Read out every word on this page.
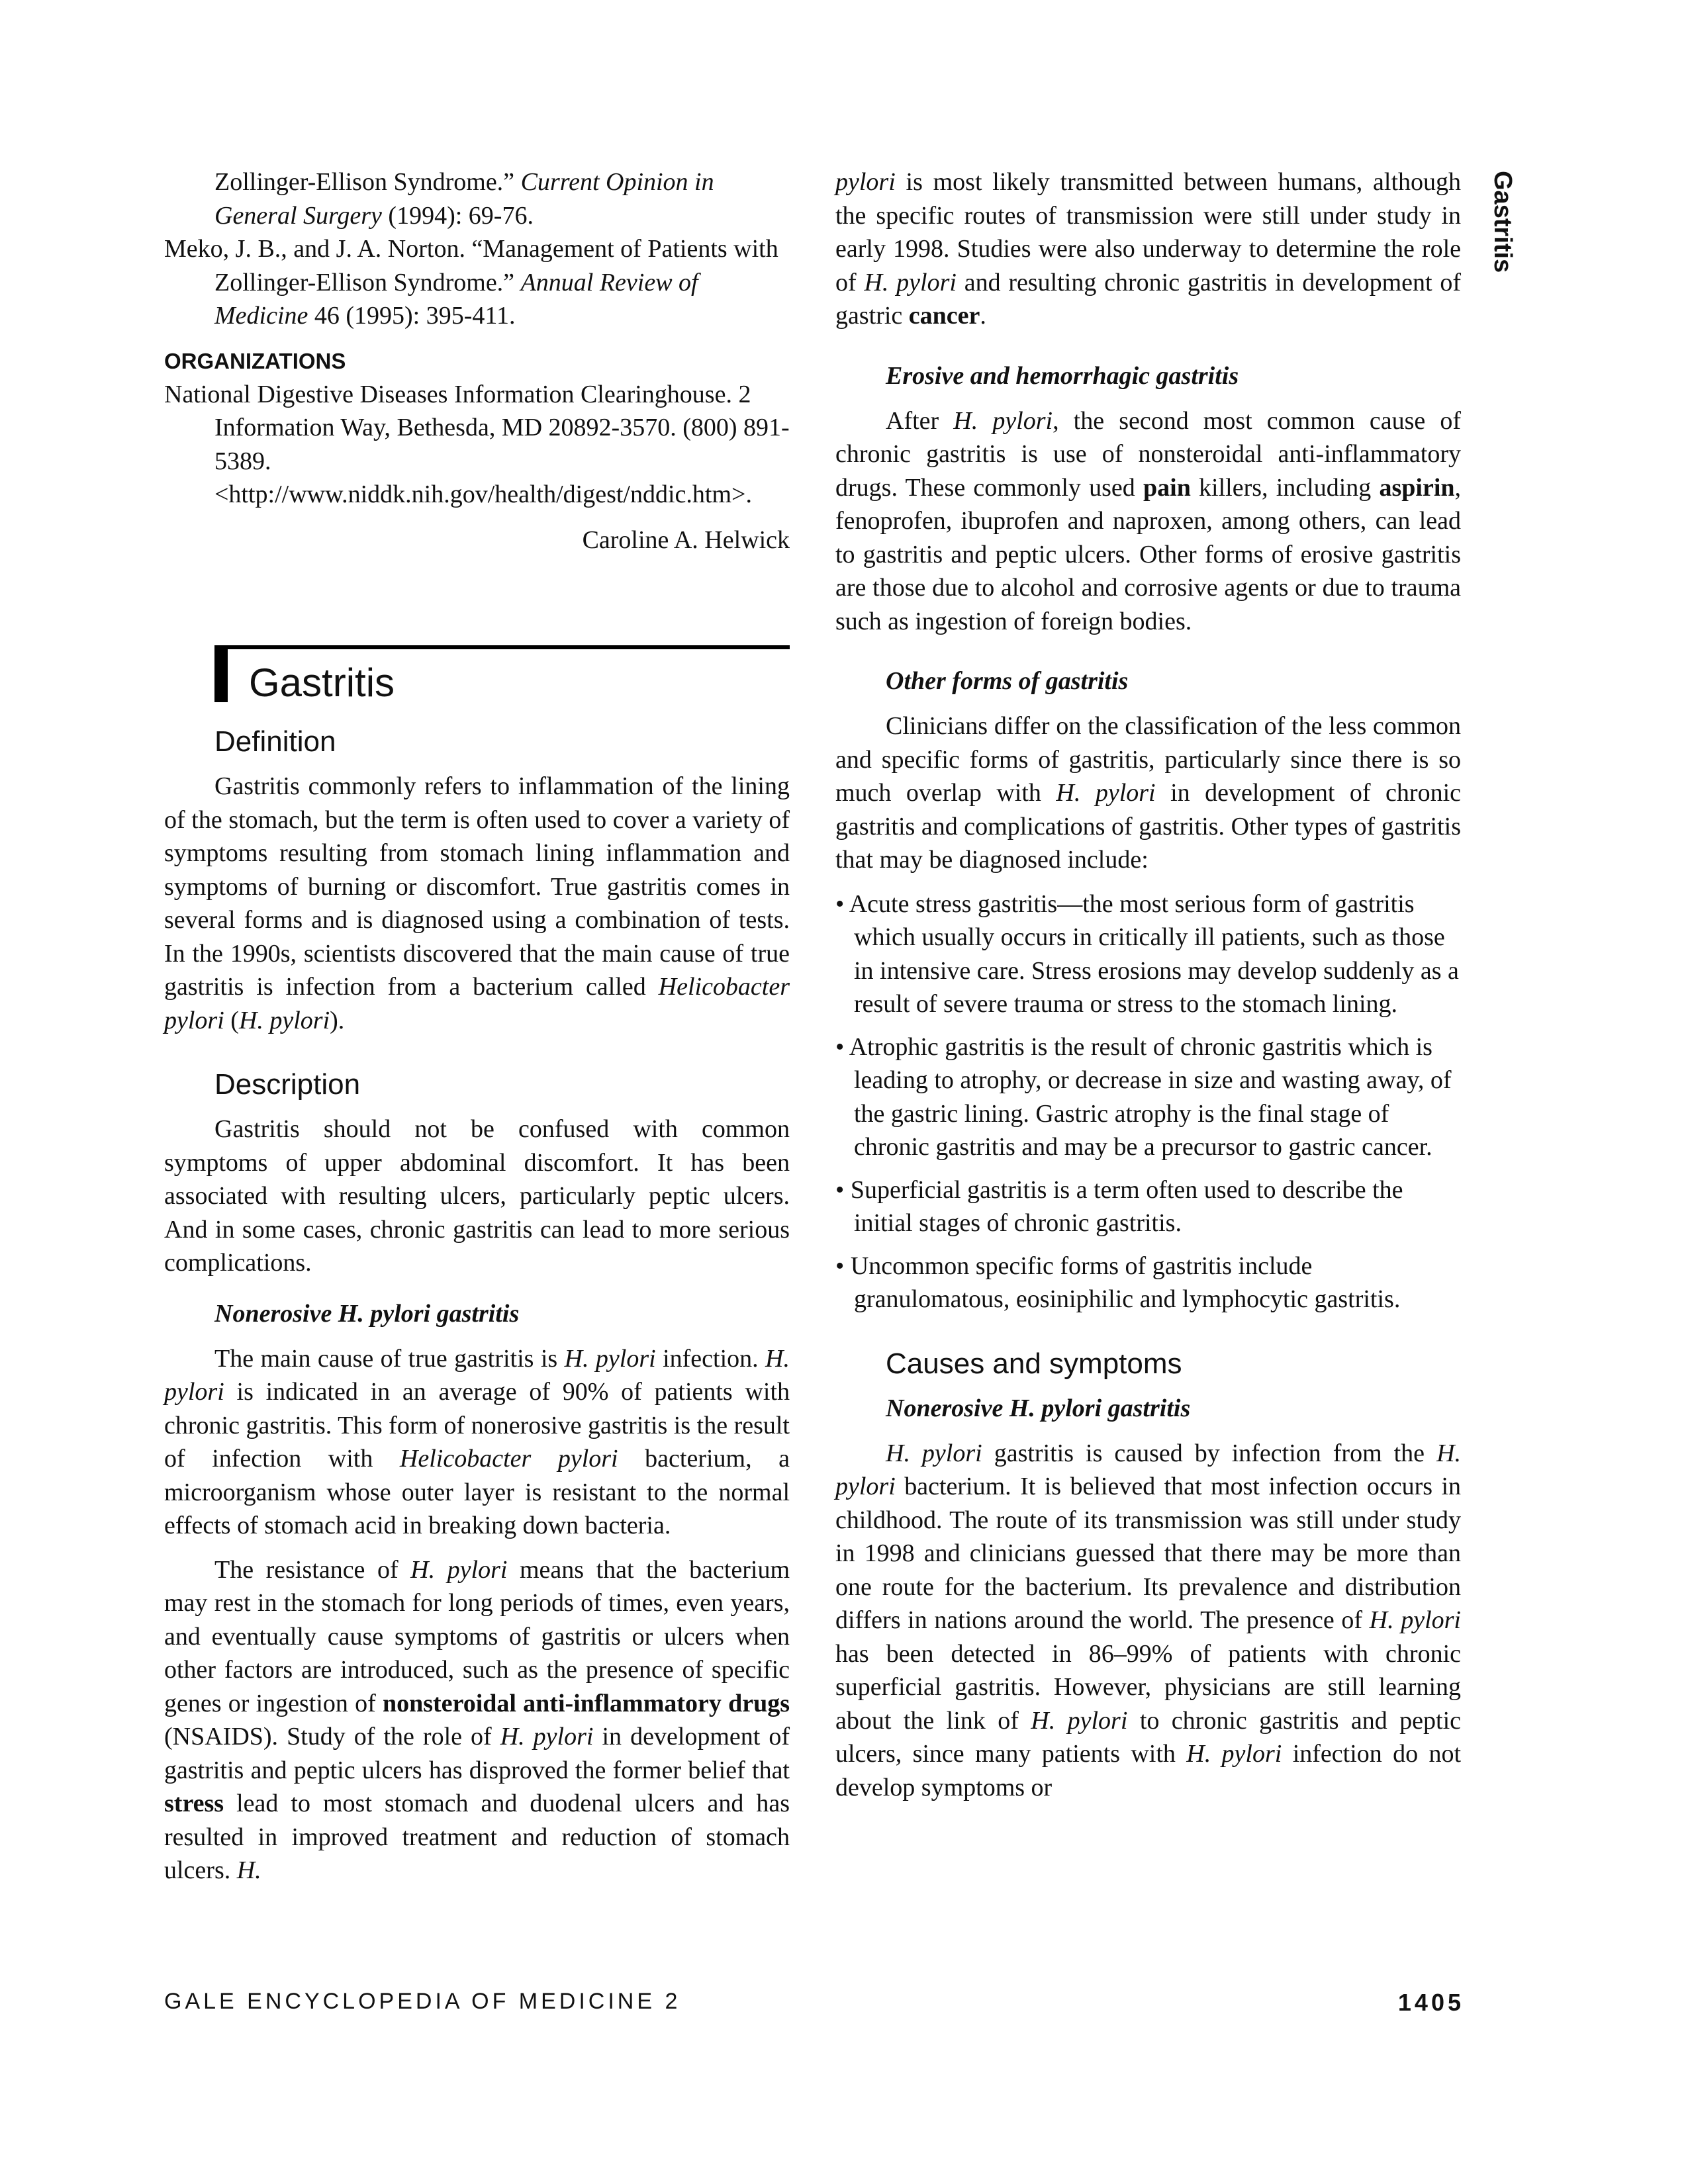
Gastritis

Zollinger-Ellison Syndrome.” Current Opinion in General Surgery (1994): 69-76.

Meko, J. B., and J. A. Norton. “Management of Patients with Zollinger-Ellison Syndrome.” Annual Review of Medicine 46 (1995): 395-411.

ORGANIZATIONS

National Digestive Diseases Information Clearinghouse. 2 Information Way, Bethesda, MD 20892-3570. (800) 891-5389. <http://www.niddk.nih.gov/health/digest/nddic.htm>.

Caroline A. Helwick

Gastritis
Definition

Gastritis commonly refers to inflammation of the lining of the stomach, but the term is often used to cover a variety of symptoms resulting from stomach lining inflammation and symptoms of burning or discomfort. True gastritis comes in several forms and is diagnosed using a combination of tests. In the 1990s, scientists discovered that the main cause of true gastritis is infection from a bacterium called Helicobacter pylori (H. pylori).

Description

Gastritis should not be confused with common symptoms of upper abdominal discomfort. It has been associated with resulting ulcers, particularly peptic ulcers. And in some cases, chronic gastritis can lead to more serious complications.

Nonerosive H. pylori gastritis

The main cause of true gastritis is H. pylori infection. H. pylori is indicated in an average of 90% of patients with chronic gastritis. This form of nonerosive gastritis is the result of infection with Helicobacter pylori bacterium, a microorganism whose outer layer is resistant to the normal effects of stomach acid in breaking down bacteria.

The resistance of H. pylori means that the bacterium may rest in the stomach for long periods of times, even years, and eventually cause symptoms of gastritis or ulcers when other factors are introduced, such as the presence of specific genes or ingestion of nonsteroidal anti-inflammatory drugs (NSAIDS). Study of the role of H. pylori in development of gastritis and peptic ulcers has disproved the former belief that stress lead to most stomach and duodenal ulcers and has resulted in improved treatment and reduction of stomach ulcers. H.

pylori is most likely transmitted between humans, although the specific routes of transmission were still under study in early 1998. Studies were also underway to determine the role of H. pylori and resulting chronic gastritis in development of gastric cancer.

Erosive and hemorrhagic gastritis

After H. pylori, the second most common cause of chronic gastritis is use of nonsteroidal anti-inflammatory drugs. These commonly used pain killers, including aspirin, fenoprofen, ibuprofen and naproxen, among others, can lead to gastritis and peptic ulcers. Other forms of erosive gastritis are those due to alcohol and corrosive agents or due to trauma such as ingestion of foreign bodies.

Other forms of gastritis

Clinicians differ on the classification of the less common and specific forms of gastritis, particularly since there is so much overlap with H. pylori in development of chronic gastritis and complications of gastritis. Other types of gastritis that may be diagnosed include:

• Acute stress gastritis—the most serious form of gastritis which usually occurs in critically ill patients, such as those in intensive care. Stress erosions may develop suddenly as a result of severe trauma or stress to the stomach lining.

• Atrophic gastritis is the result of chronic gastritis which is leading to atrophy, or decrease in size and wasting away, of the gastric lining. Gastric atrophy is the final stage of chronic gastritis and may be a precursor to gastric cancer.

• Superficial gastritis is a term often used to describe the initial stages of chronic gastritis.

• Uncommon specific forms of gastritis include granulomatous, eosiniphilic and lymphocytic gastritis.

Causes and symptoms
Nonerosive H. pylori gastritis

H. pylori gastritis is caused by infection from the H. pylori bacterium. It is believed that most infection occurs in childhood. The route of its transmission was still under study in 1998 and clinicians guessed that there may be more than one route for the bacterium. Its prevalence and distribution differs in nations around the world. The presence of H. pylori has been detected in 86–99% of patients with chronic superficial gastritis. However, physicians are still learning about the link of H. pylori to chronic gastritis and peptic ulcers, since many patients with H. pylori infection do not develop symptoms or

GALE ENCYCLOPEDIA OF MEDICINE 2	1405
